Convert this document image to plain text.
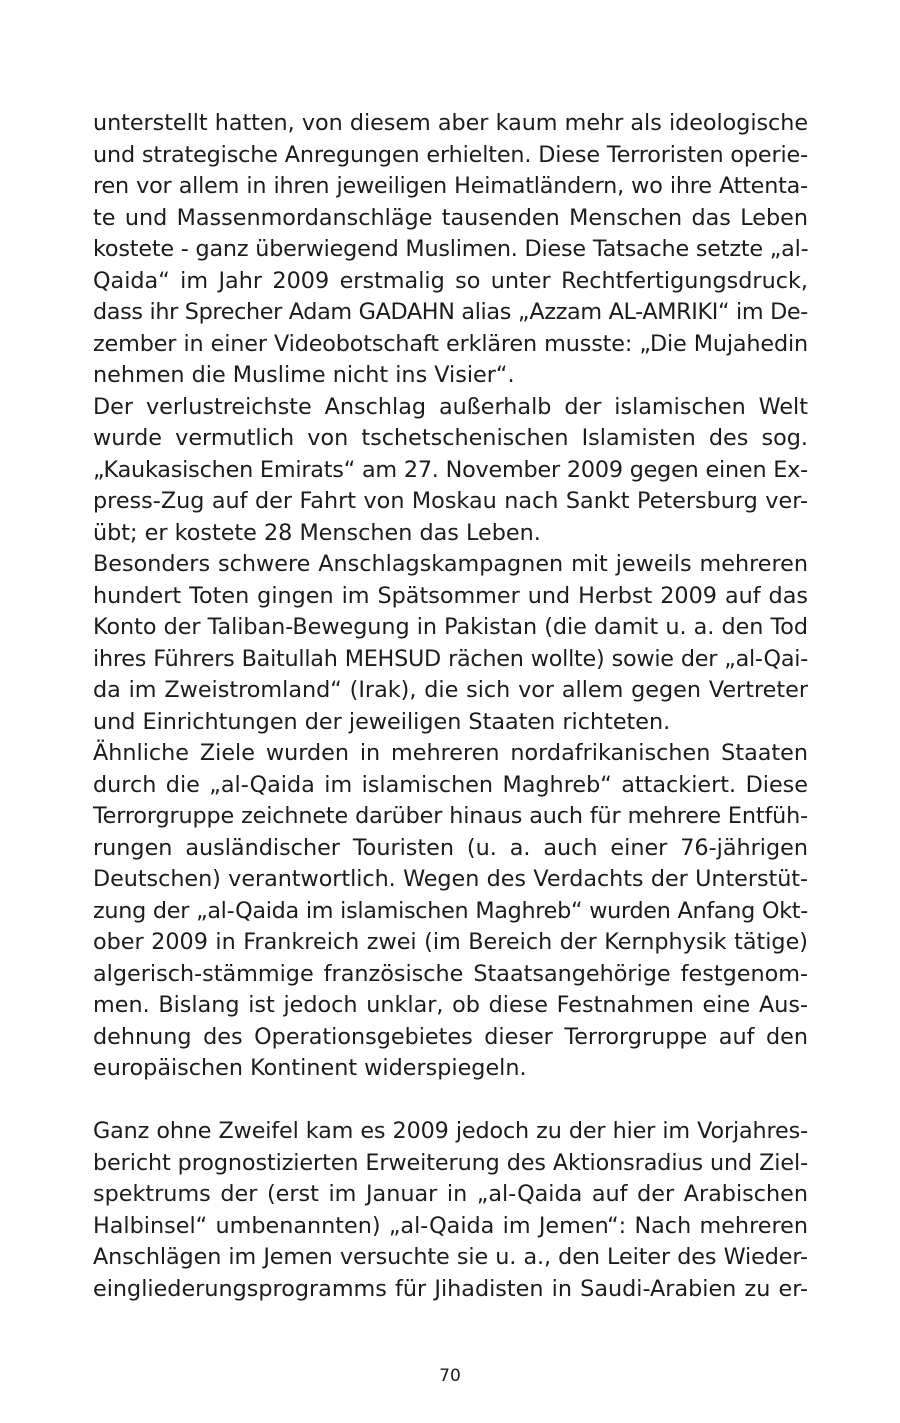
unterstellt hatten, von diesem aber kaum mehr als ideologische
und strategische Anregungen erhielten. Diese Terroristen operie-
ren vor allem in ihren jeweiligen Heimatländern, wo ihre Attenta-
te und Massenmordanschläge tausenden Menschen das Leben
kostete - ganz überwiegend Muslimen. Diese Tatsache setzte „al-
Qaida“ im Jahr 2009 erstmalig so unter Rechtfertigungsdruck,
dass ihr Sprecher Adam GADAHN alias „Azzam AL-AMRIKI“ im De-
zember in einer Videobotschaft erklären musste: „Die Mujahedin
nehmen die Muslime nicht ins Visier“.
Der verlustreichste Anschlag außerhalb der islamischen Welt
wurde vermutlich von tschetschenischen Islamisten des sog.
„Kaukasischen Emirats“ am 27. November 2009 gegen einen Ex-
press-Zug auf der Fahrt von Moskau nach Sankt Petersburg ver-
übt; er kostete 28 Menschen das Leben.
Besonders schwere Anschlagskampagnen mit jeweils mehreren
hundert Toten gingen im Spätsommer und Herbst 2009 auf das
Konto der Taliban-Bewegung in Pakistan (die damit u. a. den Tod
ihres Führers Baitullah MEHSUD rächen wollte) sowie der „al-Qai-
da im Zweistromland“ (Irak), die sich vor allem gegen Vertreter
und Einrichtungen der jeweiligen Staaten richteten.
Ähnliche Ziele wurden in mehreren nordafrikanischen Staaten
durch die „al-Qaida im islamischen Maghreb“ attackiert. Diese
Terrorgruppe zeichnete darüber hinaus auch für mehrere Entfüh-
rungen ausländischer Touristen (u. a. auch einer 76-jährigen
Deutschen) verantwortlich. Wegen des Verdachts der Unterstüt-
zung der „al-Qaida im islamischen Maghreb“ wurden Anfang Okt-
ober 2009 in Frankreich zwei (im Bereich der Kernphysik tätige)
algerisch-stämmige französische Staatsangehörige festgenom-
men. Bislang ist jedoch unklar, ob diese Festnahmen eine Aus-
dehnung des Operationsgebietes dieser Terrorgruppe auf den
europäischen Kontinent widerspiegeln.
Ganz ohne Zweifel kam es 2009 jedoch zu der hier im Vorjahres-
bericht prognostizierten Erweiterung des Aktionsradius und Ziel-
spektrums der (erst im Januar in „al-Qaida auf der Arabischen
Halbinsel“ umbenannten) „al-Qaida im Jemen“: Nach mehreren
Anschlägen im Jemen versuchte sie u. a., den Leiter des Wieder-
eingliederungsprogramms für Jihadisten in Saudi-Arabien zu er-
70
